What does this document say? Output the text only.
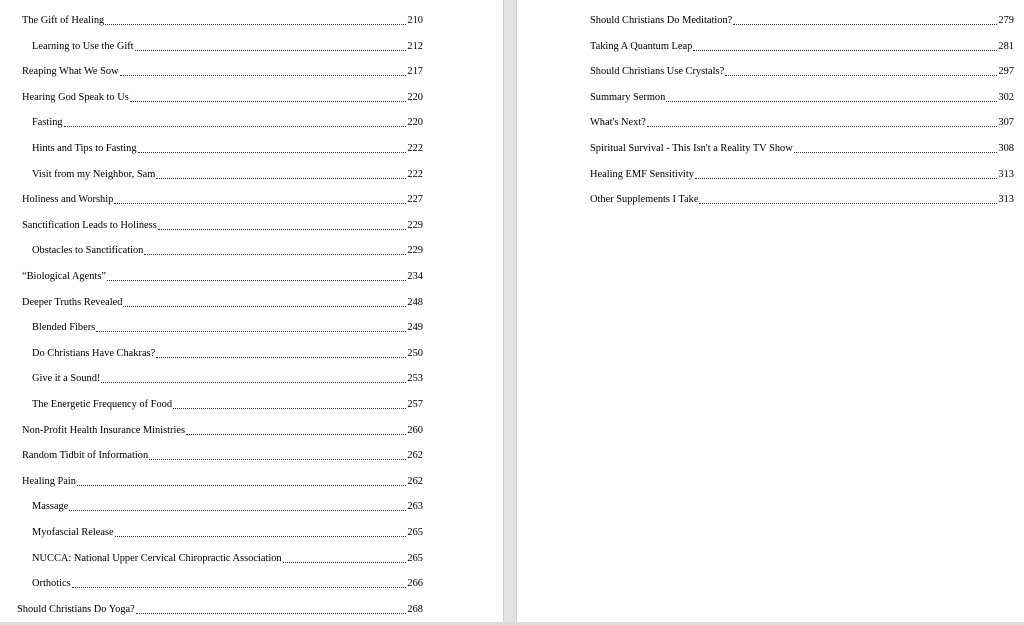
The Gift of Healing	210
Learning to Use the Gift	212
Reaping What We Sow	217
Hearing God Speak to Us	220
Fasting	220
Hints and Tips to Fasting	222
Visit from my Neighbor, Sam	222
Holiness and Worship	227
Sanctification Leads to Holiness	229
Obstacles to Sanctification	229
“Biological Agents”	234
Deeper Truths Revealed	248
Blended Fibers	249
Do Christians Have Chakras?	250
Give it a Sound!	253
The Energetic Frequency of Food	257
Non-Profit Health Insurance Ministries	260
Random Tidbit of Information	262
Healing Pain	262
Massage	263
Myofascial Release	265
NUCCA: National Upper Cervical Chiropractic Association	265
Orthotics	266
Should Christians Do Yoga?	268
Should Christians Do Meditation?	279
Taking A Quantum Leap	281
Should Christians Use Crystals?	297
Summary Sermon	302
What's Next?	307
Spiritual Survival - This Isn't a Reality TV Show	308
Healing EMF Sensitivity	313
Other Supplements I Take	313
